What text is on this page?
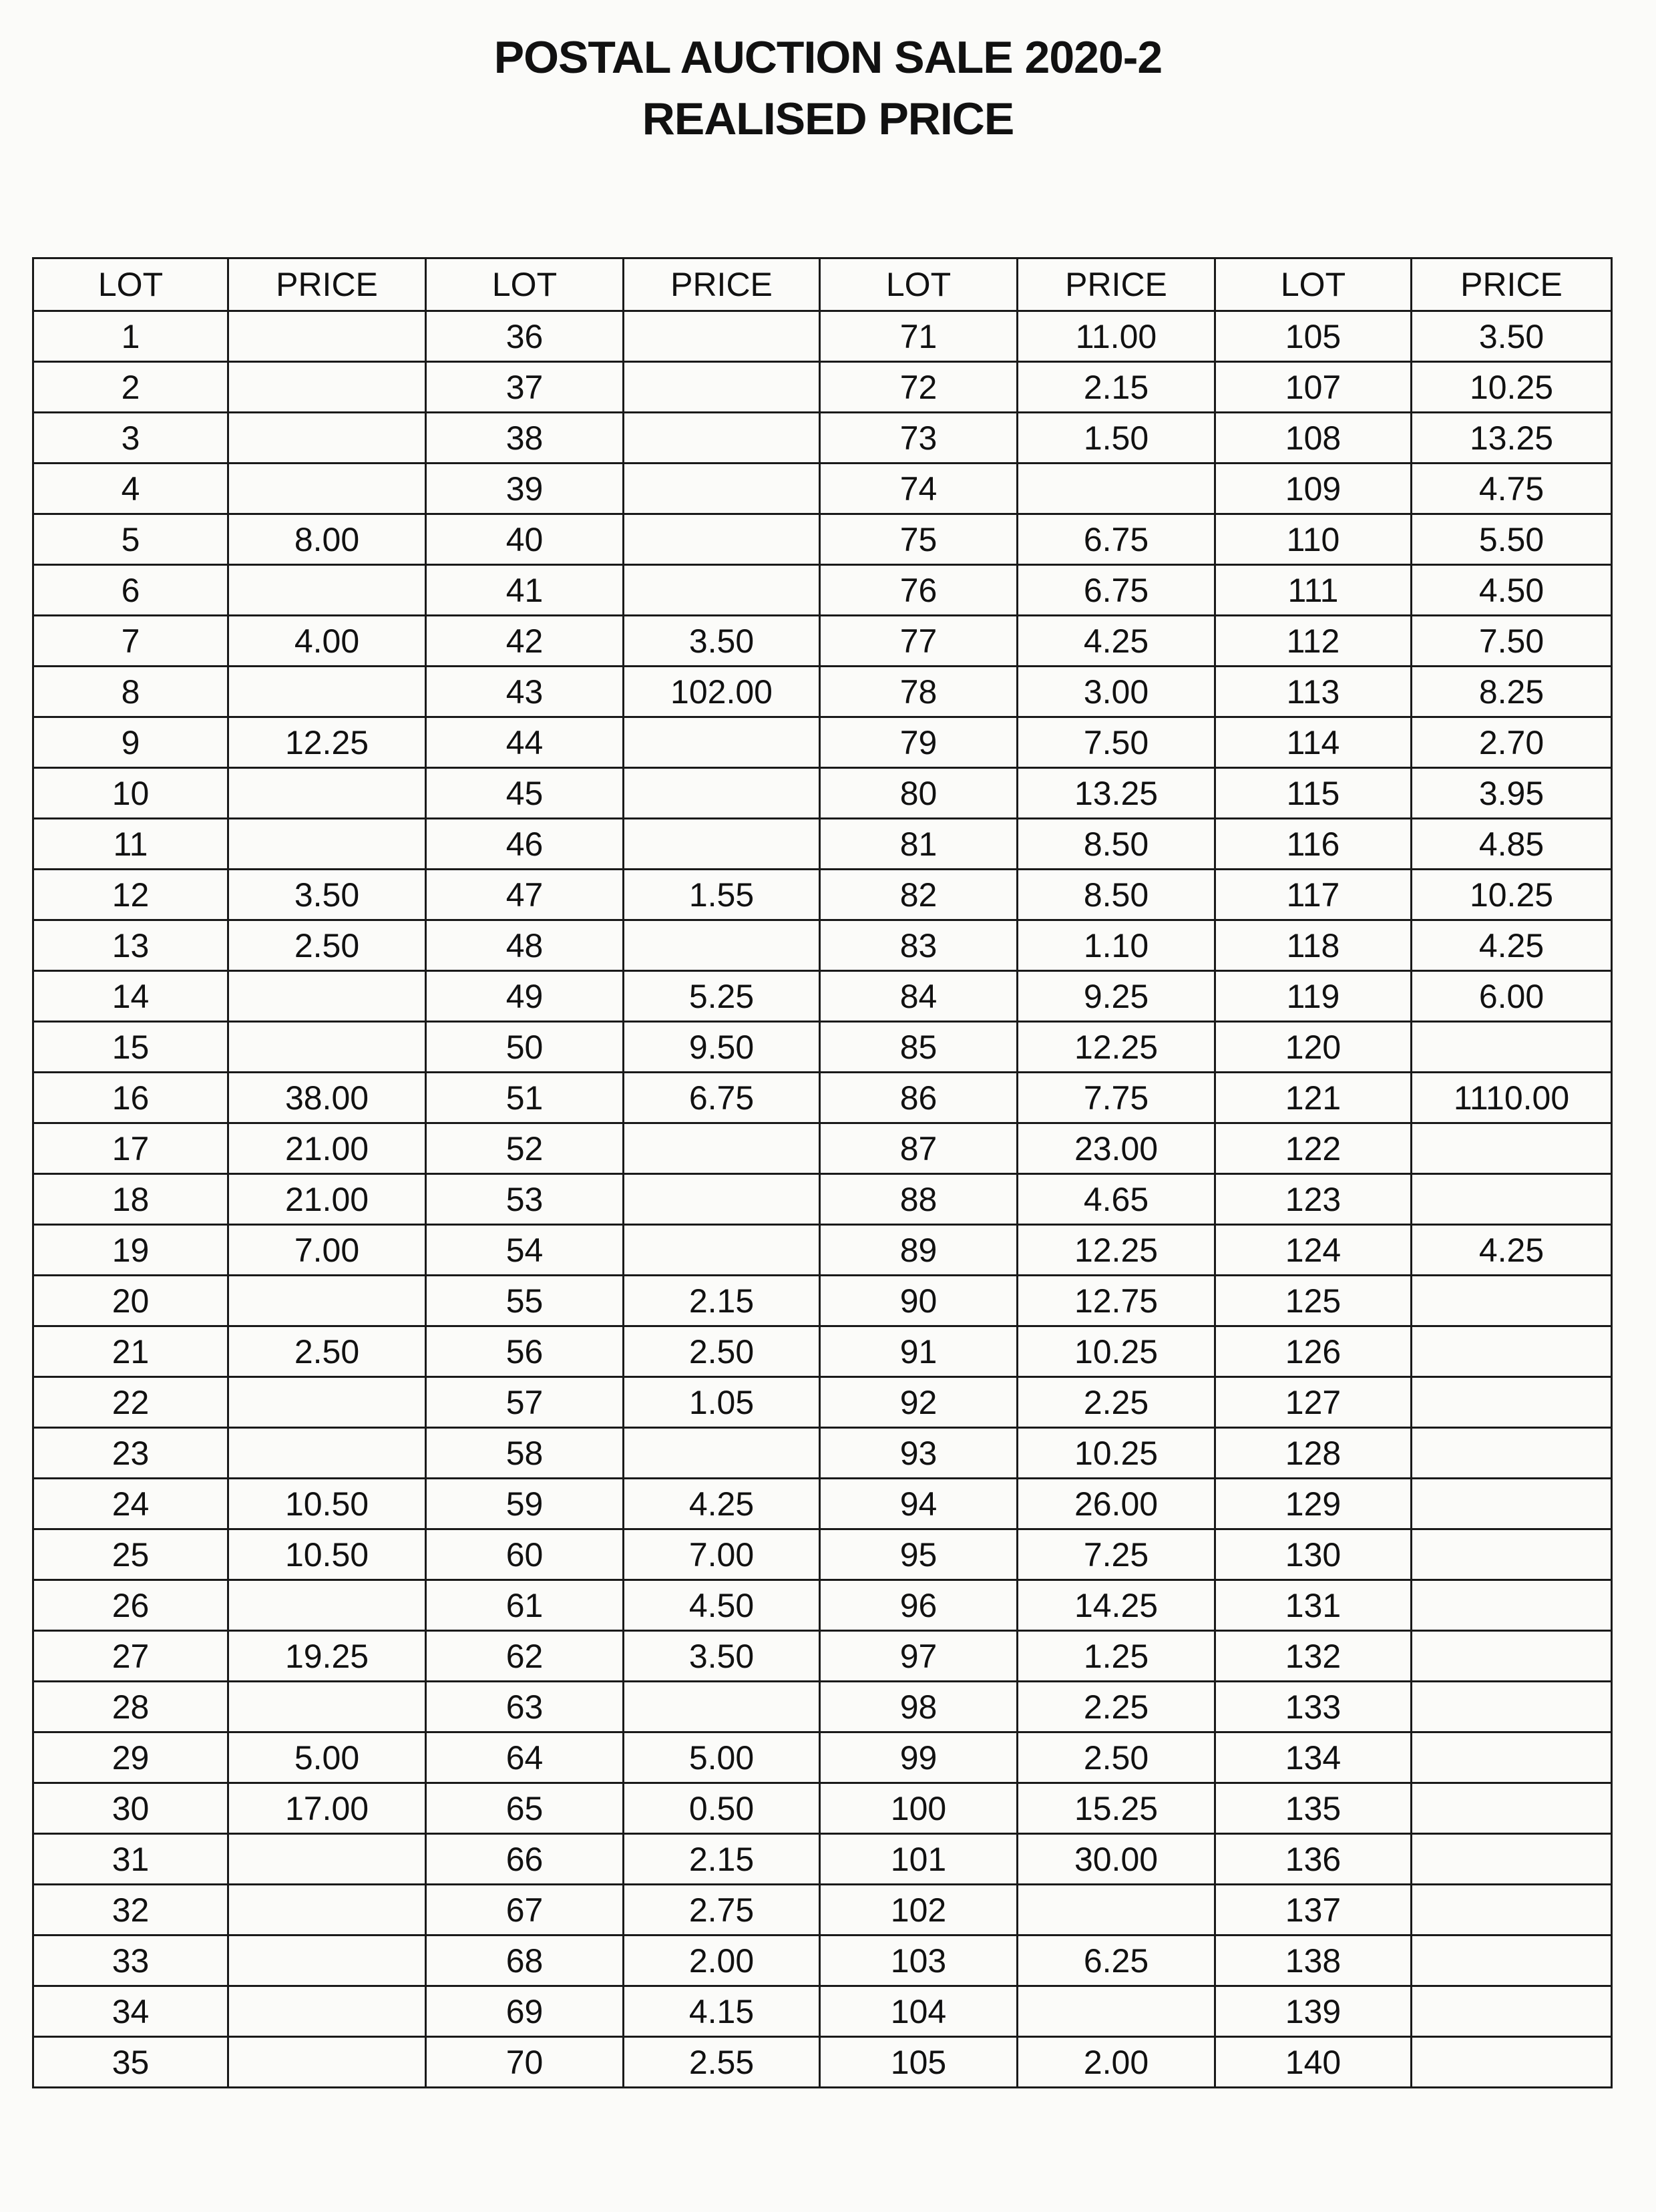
POSTAL AUCTION SALE 2020-2
REALISED PRICE
LOT	PRICE	LOT	PRICE	LOT	PRICE	LOT	PRICE
1		36		71	11.00	105	3.50
2		37		72	2.15	107	10.25
3		38		73	1.50	108	13.25
4		39		74		109	4.75
5	8.00	40		75	6.75	110	5.50
6		41		76	6.75	111	4.50
7	4.00	42	3.50	77	4.25	112	7.50
8		43	102.00	78	3.00	113	8.25
9	12.25	44		79	7.50	114	2.70
10		45		80	13.25	115	3.95
11		46		81	8.50	116	4.85
12	3.50	47	1.55	82	8.50	117	10.25
13	2.50	48		83	1.10	118	4.25
14		49	5.25	84	9.25	119	6.00
15		50	9.50	85	12.25	120	
16	38.00	51	6.75	86	7.75	121	1110.00
17	21.00	52		87	23.00	122	
18	21.00	53		88	4.65	123	
19	7.00	54		89	12.25	124	4.25
20		55	2.15	90	12.75	125	
21	2.50	56	2.50	91	10.25	126	
22		57	1.05	92	2.25	127	
23		58		93	10.25	128	
24	10.50	59	4.25	94	26.00	129	
25	10.50	60	7.00	95	7.25	130	
26		61	4.50	96	14.25	131	
27	19.25	62	3.50	97	1.25	132	
28		63		98	2.25	133	
29	5.00	64	5.00	99	2.50	134	
30	17.00	65	0.50	100	15.25	135	
31		66	2.15	101	30.00	136	
32		67	2.75	102		137	
33		68	2.00	103	6.25	138	
34		69	4.15	104		139	
35		70	2.55	105	2.00	140	
